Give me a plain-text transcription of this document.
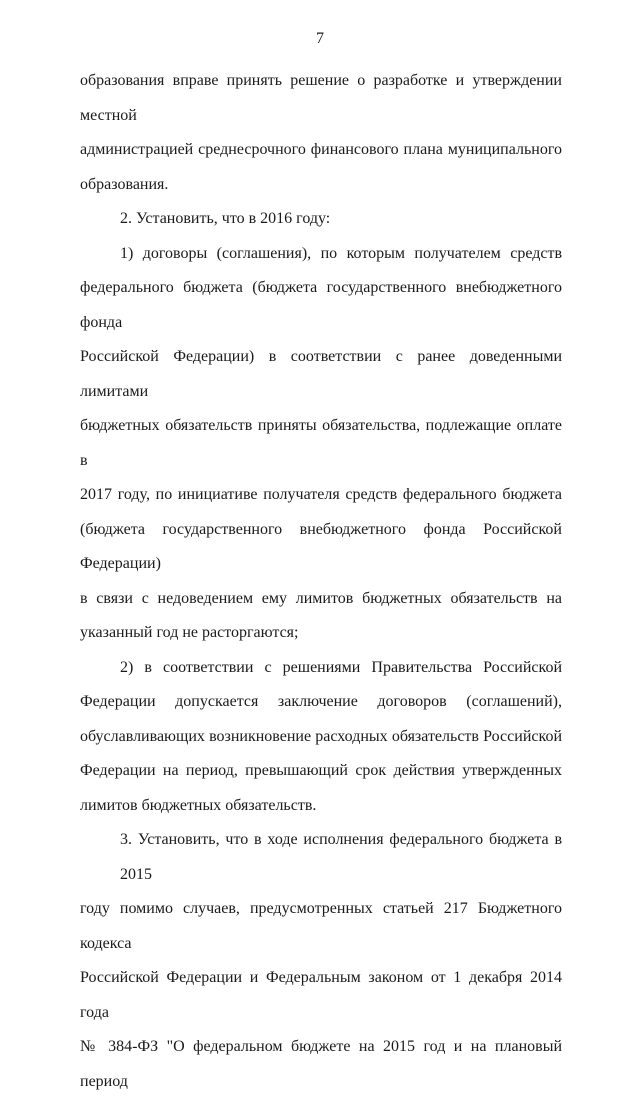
7
образования вправе принять решение о разработке и утверждении местной
администрацией среднесрочного финансового плана муниципального
образования.
2. Установить, что в 2016 году:
1) договоры (соглашения), по которым получателем средств
федерального бюджета (бюджета государственного внебюджетного фонда
Российской Федерации) в соответствии с ранее доведенными лимитами
бюджетных обязательств приняты обязательства, подлежащие оплате в
2017 году, по инициативе получателя средств федерального бюджета
(бюджета государственного внебюджетного фонда Российской Федерации)
в связи с недоведением ему лимитов бюджетных обязательств на
указанный год не расторгаются;
2) в соответствии с решениями Правительства Российской
Федерации допускается заключение договоров (соглашений),
обуславливающих возникновение расходных обязательств Российской
Федерации на период, превышающий срок действия утвержденных
лимитов бюджетных обязательств.
3. Установить, что в ходе исполнения федерального бюджета в 2015
году помимо случаев, предусмотренных статьей 217 Бюджетного кодекса
Российской Федерации и Федеральным законом от 1 декабря 2014 года
№ 384-ФЗ "О федеральном бюджете на 2015 год и на плановый период
